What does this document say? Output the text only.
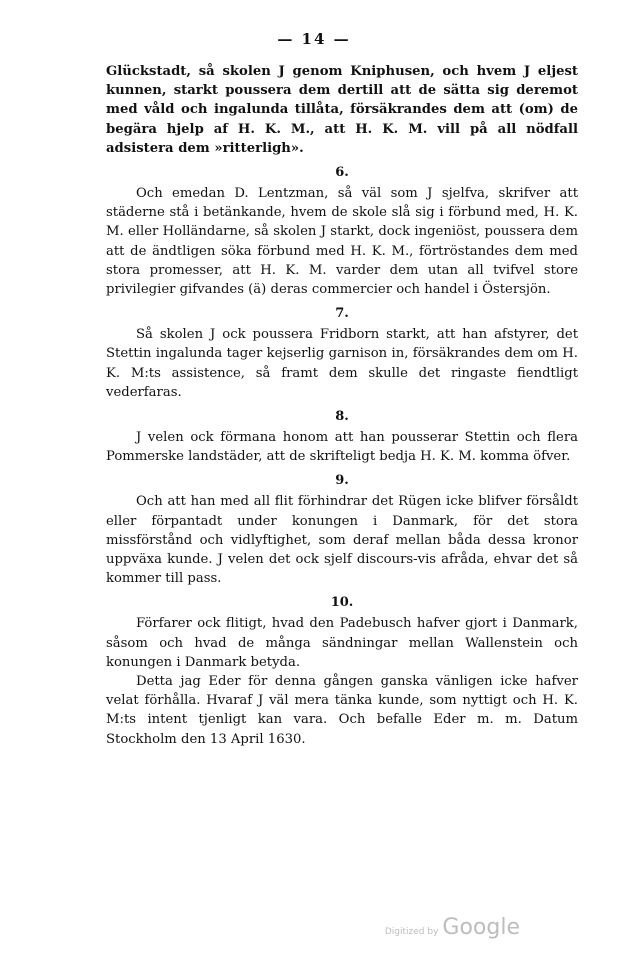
— 14 —

Glückstadt, så skolen J genom Kniphusen, och hvem J eljest kunnen, starkt poussera dem dertill att de sätta sig deremot med våld och ingalunda tillåta, försäkrandes dem att (om) de begära hjelp af H. K. M., att H. K. M. vill på all nödfall adsistera dem »ritterligh».

6.

Och emedan D. Lentzman, så väl som J sjelfva, skrifver att städerne stå i betänkande, hvem de skole slå sig i förbund med, H. K. M. eller Holländarne, så skolen J starkt, dock ingeniöst, poussera dem att de ändtligen söka förbund med H. K. M., förtröstandes dem med stora promesser, att H. K. M. varder dem utan all tvifvel store privilegier gifvandes (ä) deras commercier och handel i Östersjön.

7.

Så skolen J ock poussera Fridborn starkt, att han afstyrer, det Stettin ingalunda tager kejserlig garnison in, försäkrandes dem om H. K. M:ts assistence, så framt dem skulle det ringaste fiendtligt vederfaras.

8.

J velen ock förmana honom att han pousserar Stettin och flera Pommerske landstäder, att de skrifteligt bedja H. K. M. komma öfver.

9.

Och att han med all flit förhindrar det Rügen icke blifver försåldt eller förpantadt under konungen i Danmark, för det stora missförstånd och vidlyftighet, som deraf mellan båda dessa kronor uppväxa kunde. J velen det ock sjelf discours-vis afråda, ehvar det så kommer till pass.

10.

Förfarer ock flitigt, hvad den Padebusch hafver gjort i Danmark, såsom och hvad de många sändningar mellan Wallenstein och konungen i Danmark betyda.

Detta jag Eder för denna gången ganska vänligen icke hafver velat förhålla. Hvaraf J väl mera tänka kunde, som nyttigt och H. K. M:ts intent tjenligt kan vara. Och befalle Eder m. m. Datum Stockholm den 13 April 1630.

Digitized by Google
